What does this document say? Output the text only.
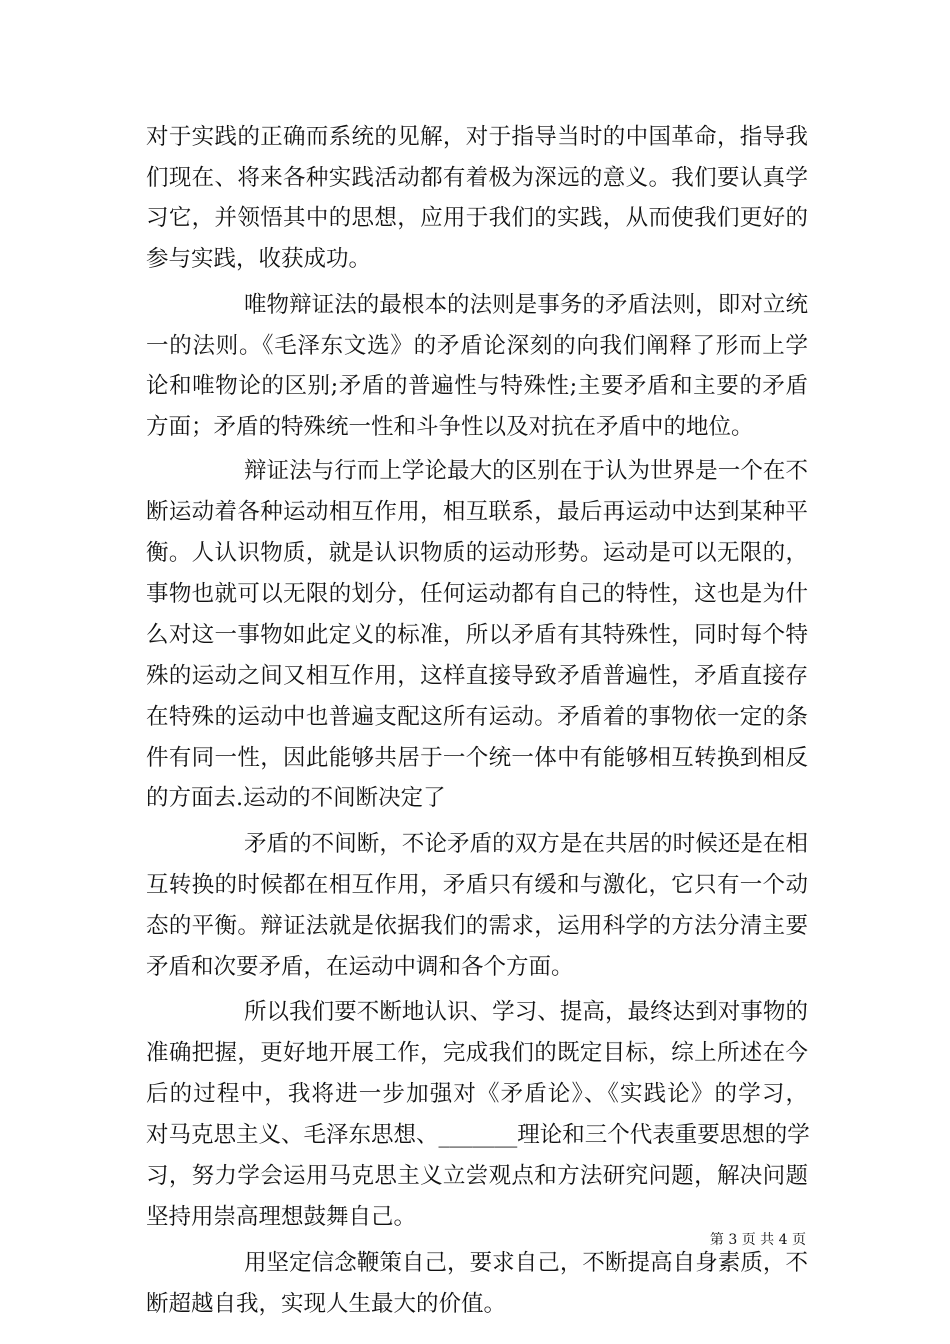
对于实践的正确而系统的见解，对于指导当时的中国革命，指导我
们现在、将来各种实践活动都有着极为深远的意义。我们要认真学
习它，并领悟其中的思想，应用于我们的实践，从而使我们更好的
参与实践，收获成功。
唯物辩证法的最根本的法则是事务的矛盾法则，即对立统
一的法则。《毛泽东文选》的矛盾论深刻的向我们阐释了形而上学
论和唯物论的区别;矛盾的普遍性与特殊性;主要矛盾和主要的矛盾
方面；矛盾的特殊统一性和斗争性以及对抗在矛盾中的地位。
辩证法与行而上学论最大的区别在于认为世界是一个在不
断运动着各种运动相互作用，相互联系，最后再运动中达到某种平
衡。人认识物质，就是认识物质的运动形势。运动是可以无限的，
事物也就可以无限的划分，任何运动都有自己的特性，这也是为什
么对这一事物如此定义的标准，所以矛盾有其特殊性，同时每个特
殊的运动之间又相互作用，这样直接导致矛盾普遍性，矛盾直接存
在特殊的运动中也普遍支配这所有运动。矛盾着的事物依一定的条
件有同一性，因此能够共居于一个统一体中有能够相互转换到相反
的方面去.运动的不间断决定了
矛盾的不间断，不论矛盾的双方是在共居的时候还是在相
互转换的时候都在相互作用，矛盾只有缓和与激化，它只有一个动
态的平衡。辩证法就是依据我们的需求，运用科学的方法分清主要
矛盾和次要矛盾，在运动中调和各个方面。
所以我们要不断地认识、学习、提高，最终达到对事物的
准确把握，更好地开展工作，完成我们的既定目标，综上所述在今
后的过程中，我将进一步加强对《矛盾论》、《实践论》的学习，
对马克思主义、毛泽东思想、_______理论和三个代表重要思想的学
习，努力学会运用马克思主义立尝观点和方法研究问题，解决问题
坚持用崇高理想鼓舞自己。
用坚定信念鞭策自己，要求自己，不断提高自身素质，不
断超越自我，实现人生最大的价值。
第 3 页 共 4 页
